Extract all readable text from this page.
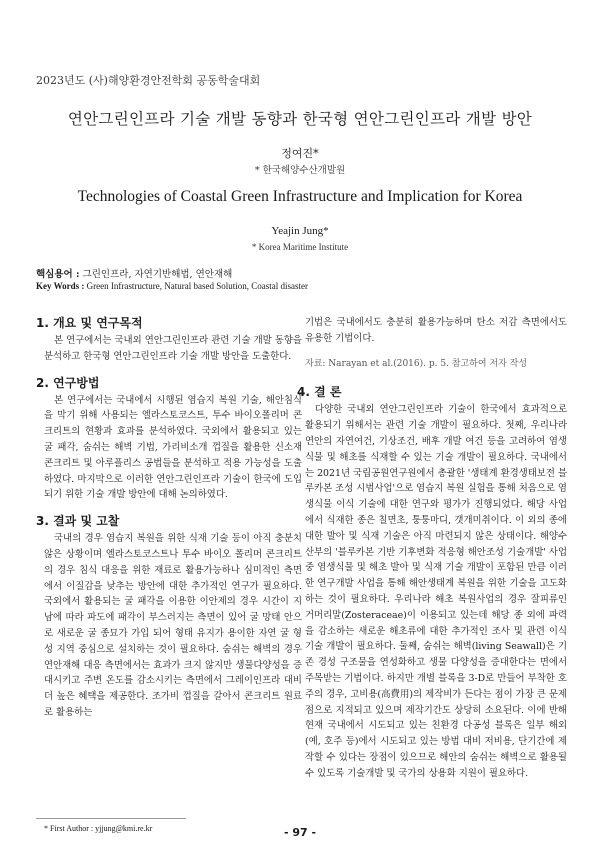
2023년도 (사)해양환경안전학회 공동학술대회
연안그린인프라 기술 개발 동향과 한국형 연안그린인프라 개발 방안
정여진*
* 한국해양수산개발원
Technologies of Coastal Green Infrastructure and Implication for Korea
Yeajin Jung*
* Korea Maritime Institute
핵심용어 : 그린인프라, 자연기반해법, 연안재해
Key Words : Green Infrastructure, Natural based Solution, Coastal disaster
1. 개요 및 연구목적

본 연구에서는 국내외 연안그린인프라 관련 기술 개발 동향을 분석하고 한국형 연안그린인프라 기술 개발 방안을 도출한다.

2. 연구방법

본 연구에서는 국내에서 시행된 염습지 복원 기술, 해안침식을 막기 위해 사용되는 엘라스토코스트, 투수 바이오폴리머 콘크리트의 현황과 효과를 분석하였다. 국외에서 활용되고 있는 굴 패각, 숨쉬는 해벽 기법, 가리비소개 껍질을 활용한 신소재 콘크리트 및 아루플리스 공법들을 분석하고 적용 가능성을 도출하였다. 마지막으로 이러한 연안그린인프라 기술이 한국에 도입되기 위한 기술 개발 방안에 대해 논의하였다.

3. 결과 및 고찰

국내의 경우 염습지 복원을 위한 식재 기술 등이 아직 충분치 않은 상황이며 엘라스토코스트나 투수 바이오 폴리머 콘크리트의 경우 침식 대응을 위한 재료로 활용가능하나 심미적인 측면에서 이질감을 낮추는 방안에 대한 추가적인 연구가 필요하다. 국외에서 활용되는 굴 패각을 이용한 이안제의 경우 시간이 지남에 따라 파도에 패각이 부스러지는 측면이 있어 굴 망태 안으로 새로운 굴 종묘가 가입 되어 형태 유지가 용이한 자연 굴 형성 지역 중심으로 설치하는 것이 필요하다. 숨쉬는 해벽의 경우 연안재해 대응 측면에서는 효과가 크지 않지만 생물다양성을 증대시키고 주변 온도를 감소시키는 측면에서 그레이인프라 대비 더 높은 혜택을 제공한다. 조가비 껍질을 갈아서 콘크리트 원료로 활용하는

기법은 국내에서도 충분히 활용가능하며 탄소 저감 측면에서도 유용한 기법이다.

자료: Narayan et al.(2016). p. 5. 참고하여 저자 작성

4. 결 론

다양한 국내외 연안그린인프라 기술이 한국에서 효과적으로 활용되기 위해서는 관련 기술 개발이 필요하다. 첫째, 우리나라 연안의 자연여건, 기상조건, 배후 개발 여건 등을 고려하여 염생식물 및 해초를 식재할 수 있는 기술 개발이 필요하다. 국내에서는 2021년 국립공원연구원에서 총괄한 '생태계 환경생태보전 블루카본 조성 시범사업'으로 염습지 복원 실험을 통해 처음으로 염생식물 이식 기술에 대한 연구와 평가가 진행되었다. 해당 사업에서 식재한 종은 칠면초, 퉁퉁마디, 갯개미취이다. 이 외의 종에 대한 발아 및 식재 기술은 아직 마련되지 않은 상태이다. 해양수산부의 '블루카본 기반 기후변화 적응형 해안조성 기술개발' 사업 중 염생식물 및 해초 발아 및 식재 기술 개발이 포함된 만큼 이러한 연구개발 사업을 통해 해안생태계 복원을 위한 기술을 고도화하는 것이 필요하다. 우리나라 해초 복원사업의 경우 잘피류인 거머리말(Zosteraceae)이 이용되고 있는데 해당 종 외에 파력을 감소하는 새로운 해초류에 대한 추가적인 조사 및 관련 이식 기술 개발이 필요하다. 둘째, 숨쉬는 해벽(living Seawall)은 기존 경성 구조물을 연성화하고 생물 다양성을 증대한다는 면에서 주목받는 기법이다. 하지만 개별 블록을 3-D로 만들어 부착한 호주의 경우, 고비용(高費用)의 제작비가 든다는 점이 가장 큰 문제점으로 지적되고 있으며 제작기간도 상당히 소요된다. 이에 반해 현재 국내에서 시도되고 있는 친환경 다공성 블록은 일부 해외(예, 호주 등)에서 시도되고 있는 방법 대비 저비용, 단기간에 제작할 수 있다는 장점이 있으므로 해안의 숨쉬는 해벽으로 활용될 수 있도록 기술개발 및 국가의 상용화 지원이 필요하다.

* First Author : yjjung@kmi.re.kr	- 97 -
